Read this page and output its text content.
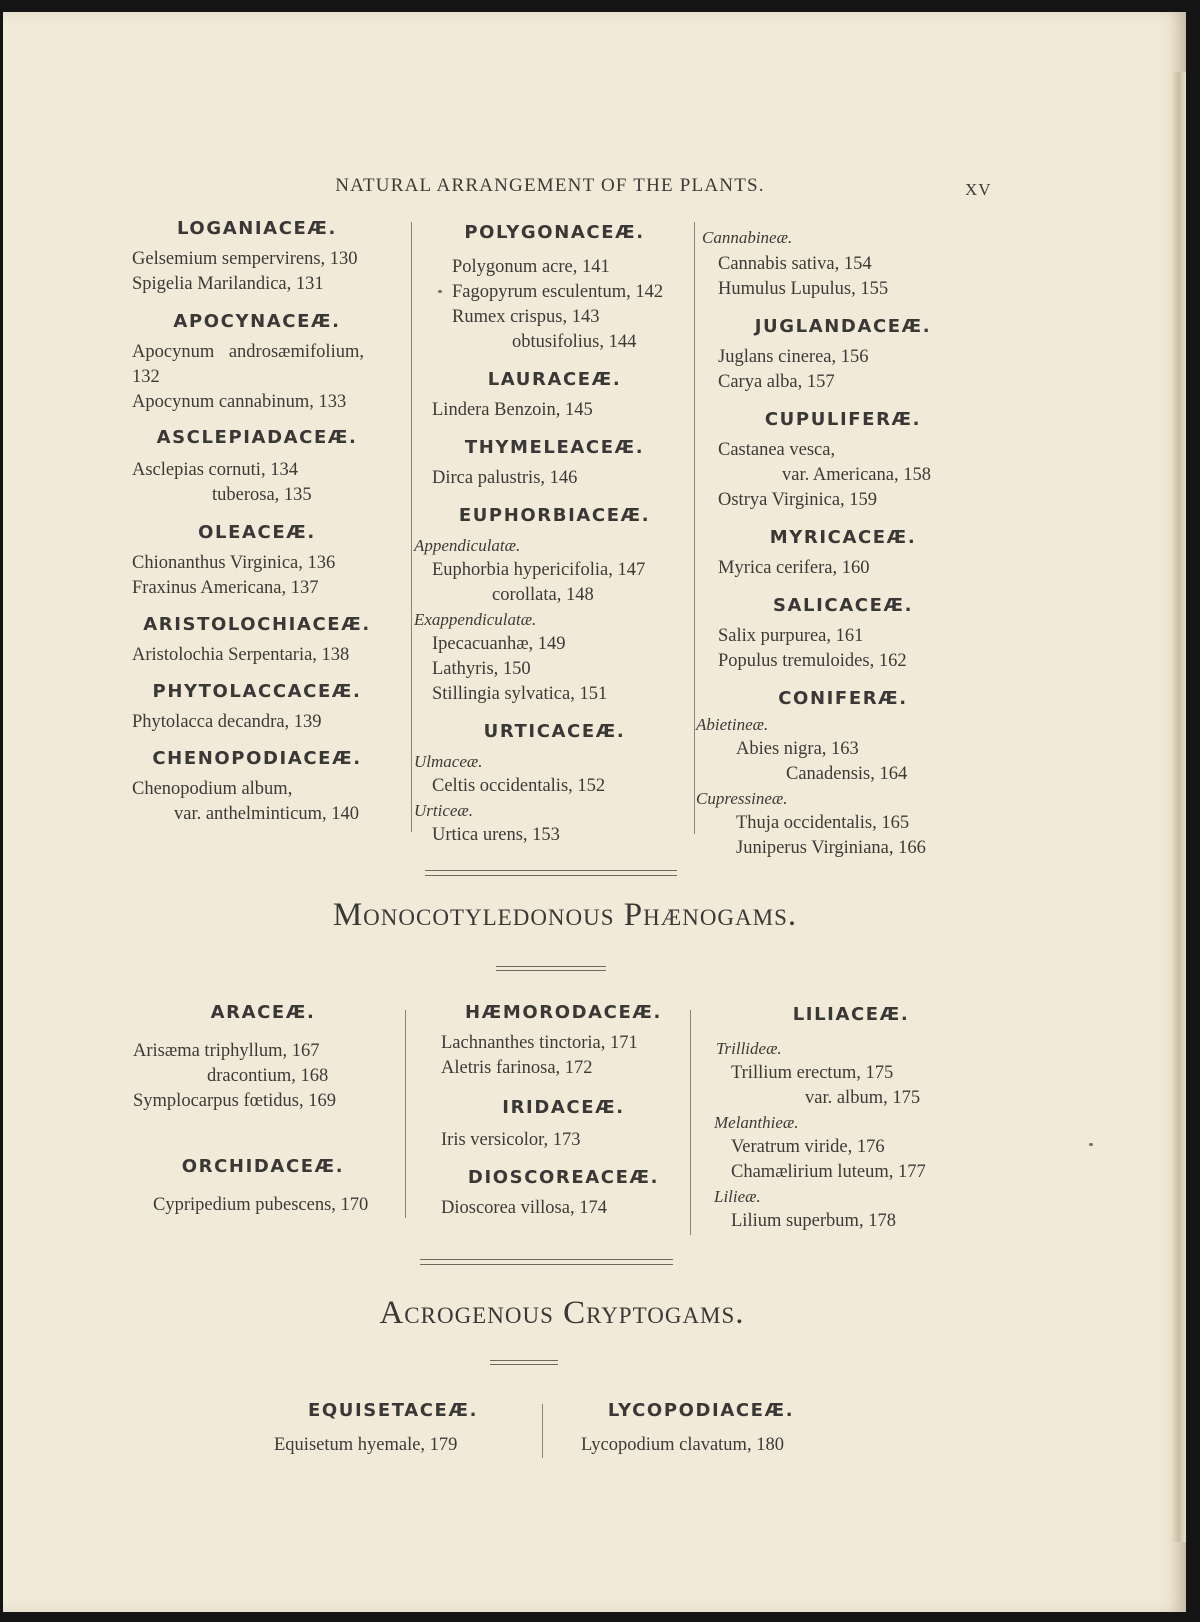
NATURAL ARRANGEMENT OF THE PLANTS.	XV
LOGANIACEÆ.
Gelsemium sempervirens, 130
Spigelia Marilandica, 131
APOCYNACEÆ.
Apocynum androsæmifolium,
132
Apocynum cannabinum, 133
ASCLEPIADACEÆ.
Asclepias cornuti, 134
tuberosa, 135
OLEACEÆ.
Chionanthus Virginica, 136
Fraxinus Americana, 137
ARISTOLOCHIACEÆ.
Aristolochia Serpentaria, 138
PHYTOLACCACEÆ.
Phytolacca decandra, 139
CHENOPODIACEÆ.
Chenopodium album,
var. anthelminticum, 140
POLYGONACEÆ.
Polygonum acre, 141
Fagopyrum esculentum, 142
Rumex crispus, 143
obtusifolius, 144
LAURACEÆ.
Lindera Benzoin, 145
THYMELEACEÆ.
Dirca palustris, 146
EUPHORBIACEÆ.
Appendiculatæ.
Euphorbia hypericifolia, 147
corollata, 148
Exappendiculatæ.
Ipecacuanhæ, 149
Lathyris, 150
Stillingia sylvatica, 151
URTICACEÆ.
Ulmaceæ.
Celtis occidentalis, 152
Urticeæ.
Urtica urens, 153
Cannabineæ.
Cannabis sativa, 154
Humulus Lupulus, 155
JUGLANDACEÆ.
Juglans cinerea, 156
Carya alba, 157
CUPULIFERÆ.
Castanea vesca,
var. Americana, 158
Ostrya Virginica, 159
MYRICACEÆ.
Myrica cerifera, 160
SALICACEÆ.
Salix purpurea, 161
Populus tremuloides, 162
CONIFERÆ.
Abietineæ.
Abies nigra, 163
Canadensis, 164
Cupressineæ.
Thuja occidentalis, 165
Juniperus Virginiana, 166
Monocotyledonous Phænogams.
ARACEÆ.
Arisæma triphyllum, 167
dracontium, 168
Symplocarpus fœtidus, 169
ORCHIDACEÆ.
Cypripedium pubescens, 170
HÆMORODACEÆ.
Lachnanthes tinctoria, 171
Aletris farinosa, 172
IRIDACEÆ.
Iris versicolor, 173
DIOSCOREACEÆ.
Dioscorea villosa, 174
LILIACEÆ.
Trillideæ.
Trillium erectum, 175
var. album, 175
Melanthieæ.
Veratrum viride, 176
Chamælirium luteum, 177
Lilieæ.
Lilium superbum, 178
Acrogenous Cryptogams.
EQUISETACEÆ.
Equisetum hyemale, 179
LYCOPODIACEÆ.
Lycopodium clavatum, 180
